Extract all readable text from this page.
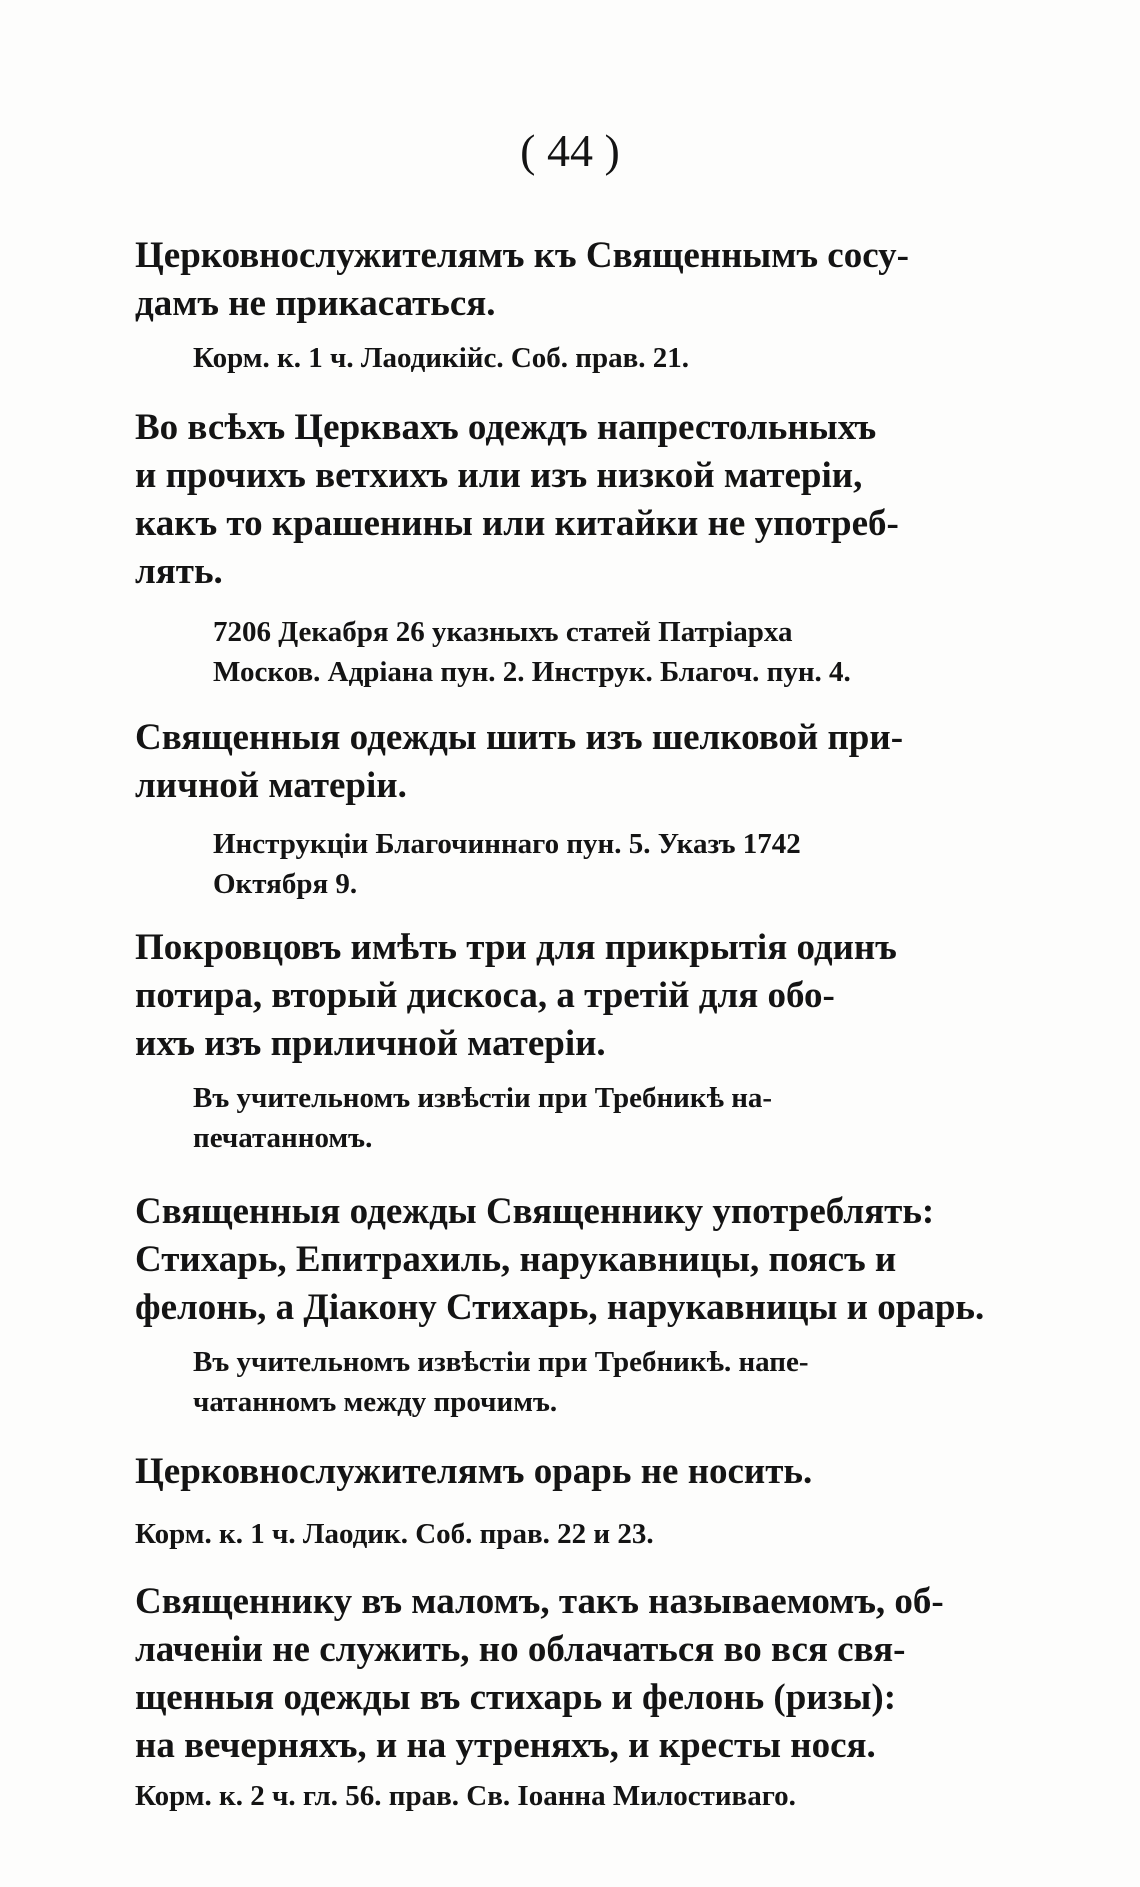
( 44 )

Церковнослужителямъ къ Священнымъ сосу-
дамъ не прикасаться.

Корм. к. 1 ч. Лаодикійс. Соб. прав. 21.

Во всѣхъ Церквахъ одеждъ напрестольныхъ
и прочихъ ветхихъ или изъ низкой матеріи,
какъ то крашенины или китайки не употреб-
лять.

7206 Декабря 26 указныхъ статей Патріарха
Москов. Адріана пун. 2. Инструк. Благоч. пун. 4.

Священныя одежды шить изъ шелковой при-
личной матеріи.

Инструкціи Благочиннаго пун. 5. Указъ 1742
Октября 9.

Покровцовъ имѣть три для прикрытія одинъ
потира, вторый дискоса, а третій для обо-
ихъ изъ приличной матеріи.

Въ учительномъ извѣстіи при Требникѣ на-
печатанномъ.

Священныя одежды Священнику употреблять:
Стихарь, Епитрахиль, нарукавницы, поясъ и
фелонь, а Діакону Стихарь, нарукавницы и орарь.

Въ учительномъ извѣстіи при Требникѣ. напе-
чатанномъ между прочимъ.

Церковнослужителямъ орарь не носить.

Корм. к. 1 ч. Лаодик. Соб. прав. 22 и 23.

Священнику въ маломъ, такъ называемомъ, об-
лаченіи не служить, но облачаться во вся свя-
щенныя одежды въ стихарь и фелонь (ризы):
на вечерняхъ, и на утреняхъ, и кресты нося.

Корм. к. 2 ч. гл. 56. прав. Св. Іоанна Милостиваго.
